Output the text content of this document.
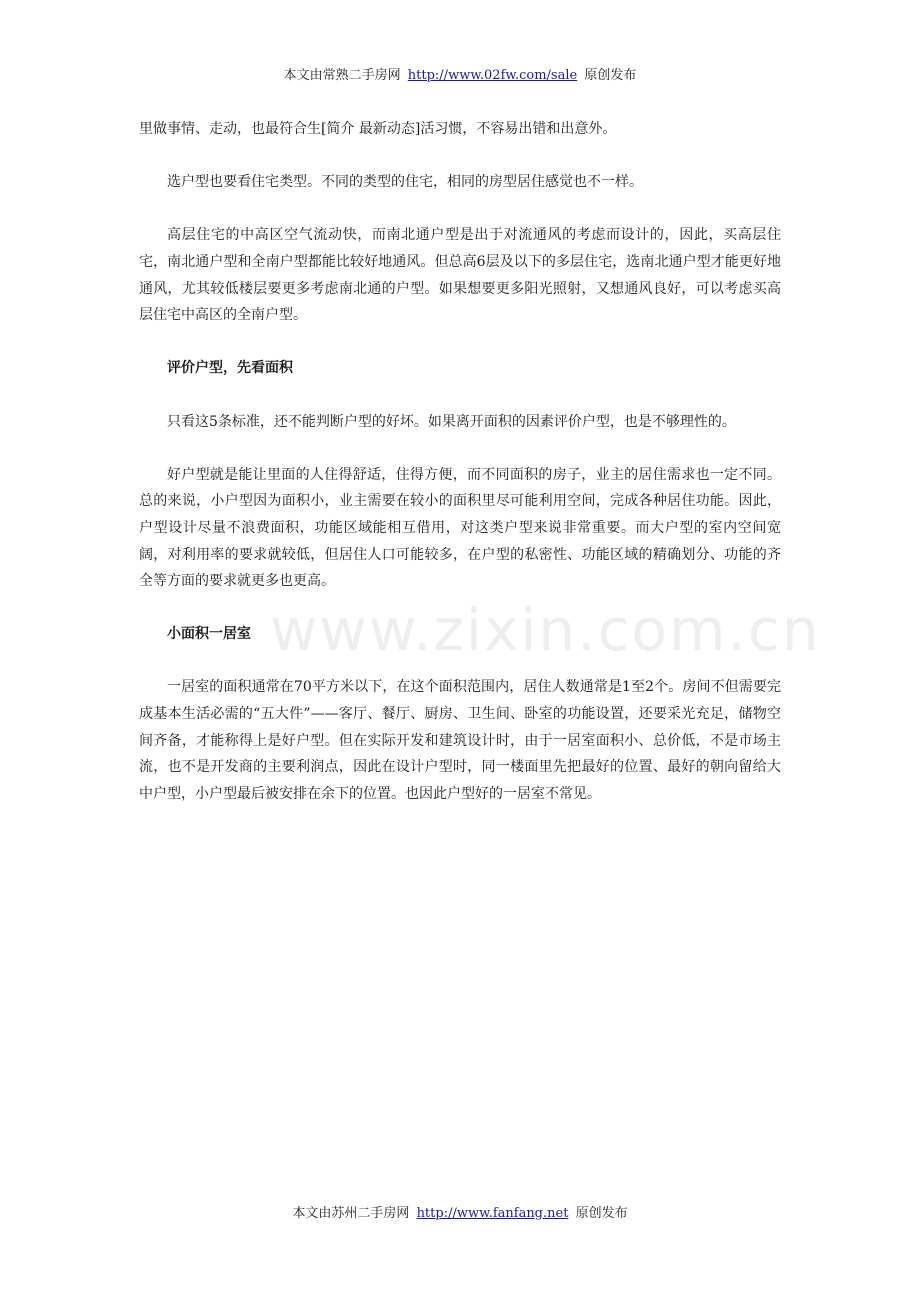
本文由常熟二手房网 http://www.02fw.com/sale 原创发布
www.zixin.com.cn

里做事情、走动，也最符合生[简介 最新动态]活习惯，不容易出错和出意外。

选户型也要看住宅类型。不同的类型的住宅，相同的房型居住感觉也不一样。

高层住宅的中高区空气流动快，而南北通户型是出于对流通风的考虑而设计的，因此，买高层住宅，南北通户型和全南户型都能比较好地通风。但总高6层及以下的多层住宅，选南北通户型才能更好地通风，尤其较低楼层要更多考虑南北通的户型。如果想要更多阳光照射，又想通风良好，可以考虑买高层住宅中高区的全南户型。

评价户型，先看面积

只看这5条标准，还不能判断户型的好坏。如果离开面积的因素评价户型，也是不够理性的。

好户型就是能让里面的人住得舒适，住得方便，而不同面积的房子，业主的居住需求也一定不同。总的来说，小户型因为面积小，业主需要在较小的面积里尽可能利用空间，完成各种居住功能。因此，户型设计尽量不浪费面积，功能区域能相互借用，对这类户型来说非常重要。而大户型的室内空间宽阔，对利用率的要求就较低，但居住人口可能较多，在户型的私密性、功能区域的精确划分、功能的齐全等方面的要求就更多也更高。

小面积一居室

一居室的面积通常在70平方米以下，在这个面积范围内，居住人数通常是1至2个。房间不但需要完成基本生活必需的“五大件”——客厅、餐厅、厨房、卫生间、卧室的功能设置，还要采光充足，储物空间齐备，才能称得上是好户型。但在实际开发和建筑设计时，由于一居室面积小、总价低，不是市场主流，也不是开发商的主要利润点，因此在设计户型时，同一楼面里先把最好的位置、最好的朝向留给大中户型，小户型最后被安排在余下的位置。也因此户型好的一居室不常见。

本文由苏州二手房网 http://www.fanfang.net 原创发布
